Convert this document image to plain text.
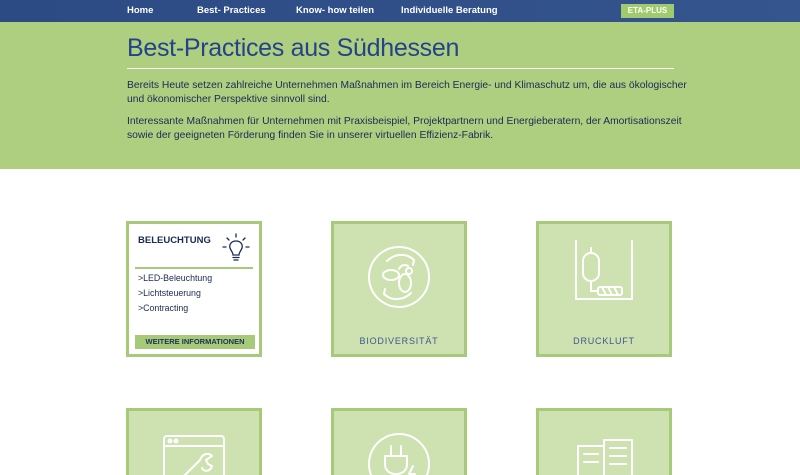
Home	Best- Practices	Know- how teilen	Individuelle Beratung	ETA-PLUS
Best-Practices aus Südhessen

Bereits Heute setzen zahlreiche Unternehmen Maßnahmen im Bereich Energie- und Klimaschutz um, die aus ökologischer und ökonomischer Perspektive sinnvoll sind.

Interessante Maßnahmen für Unternehmen mit Praxisbeispiel, Projektpartnern und Energieberatern, der Amortisationszeit sowie der geeigneten Förderung finden Sie in unserer virtuellen Effizienz-Fabrik.

BELEUCHTUNG
>LED-Beleuchtung
>Lichtsteuerung
>Contracting
WEITERE INFORMATIONEN	BIODIVERSITÄT	DRUCKLUFT
